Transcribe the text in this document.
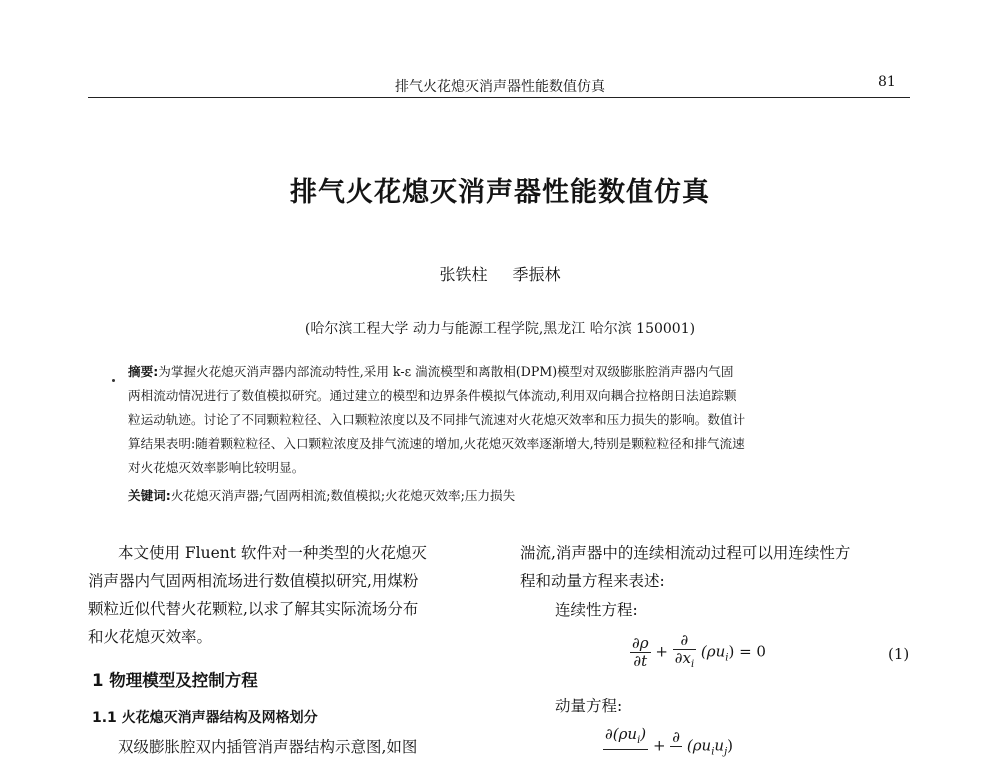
排气火花熄灭消声器性能数值仿真	81
排气火花熄灭消声器性能数值仿真
张铁柱 季振林
(哈尔滨工程大学 动力与能源工程学院,黑龙江 哈尔滨 150001)
摘要:为掌握火花熄灭消声器内部流动特性,采用 k-ε 湍流模型和离散相(DPM)模型对双级膨胀腔消声器内气固
两相流动情况进行了数值模拟研究。通过建立的模型和边界条件模拟气体流动,利用双向耦合拉格朗日法追踪颗
粒运动轨迹。讨论了不同颗粒粒径、入口颗粒浓度以及不同排气流速对火花熄灭效率和压力损失的影响。数值计
算结果表明:随着颗粒粒径、入口颗粒浓度及排气流速的增加,火花熄灭效率逐渐增大,特别是颗粒粒径和排气流速
对火花熄灭效率影响比较明显。
关键词:火花熄灭消声器;气固两相流;数值模拟;火花熄灭效率;压力损失
本文使用 Fluent 软件对一种类型的火花熄灭
消声器内气固两相流场进行数值模拟研究,用煤粉
颗粒近似代替火花颗粒,以求了解其实际流场分布
和火花熄灭效率。
1 物理模型及控制方程
1.1 火花熄灭消声器结构及网格划分
双级膨胀腔双内插管消声器结构示意图,如图
湍流,消声器中的连续相流动过程可以用连续性方
程和动量方程来表述:
连续性方程:
$\frac{\partial\rho}{\partial t} + \frac{\partial}{\partial x_i} (\rho u_i) = 0$	(1)
动量方程:
$\partial(\rho u_i)$

+ ∂
$(\rho u_iu_j)$
